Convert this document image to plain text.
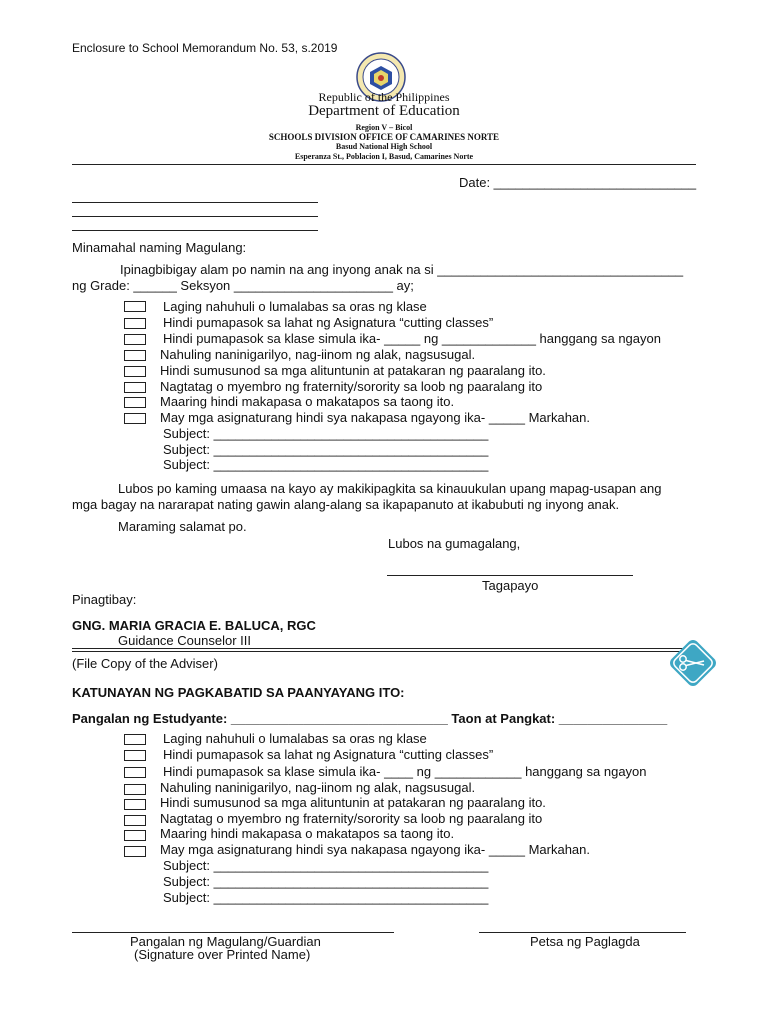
Enclosure to School Memorandum No. 53, s.2019
Republic of the Philippines
Department of Education
Region V – Bicol
SCHOOLS DIVISION OFFICE OF CAMARINES NORTE
Basud National High School
Esperanza St., Poblacion I, Basud, Camarines Norte
Date: ____________________________
Minamahal naming Magulang:
Ipinagbibigay alam po namin na ang inyong anak na si __________________________________
ng Grade: ______ Seksyon ______________________ ay;
Laging nahuhuli o lumalabas sa oras ng klase
Hindi pumapasok sa lahat ng Asignatura “cutting classes”
Hindi pumapasok sa klase simula ika- _____ ng _____________ hanggang sa ngayon
Nahuling naninigarilyo, nag-iinom ng alak, nagsusugal.
Hindi sumusunod sa mga alituntunin at patakaran ng paaralang ito.
Nagtatag o myembro ng fraternity/sorority sa loob ng paaralang ito
Maaring hindi makapasa o makatapos sa taong ito.
May mga asignaturang hindi sya nakapasa ngayong ika- _____ Markahan.
Subject: ______________________________________
Subject: ______________________________________
Subject: ______________________________________
Lubos po kaming umaasa na kayo ay makikipagkita sa kinauukulan upang mapag-usapan ang
mga bagay na nararapat nating gawin alang-alang sa ikapapanuto at ikabubuti ng inyong anak.
Maraming salamat po.
Lubos na gumagalang,
Tagapayo
Pinagtibay:
GNG. MARIA GRACIA E. BALUCA, RGC
Guidance Counselor III
(File Copy of the Adviser)
KATUNAYAN NG PAGKABATID SA PAANYAYANG ITO:
Pangalan ng Estudyante: ______________________________ Taon at Pangkat: _______________
Laging nahuhuli o lumalabas sa oras ng klase
Hindi pumapasok sa lahat ng Asignatura “cutting classes”
Hindi pumapasok sa klase simula ika- ____ ng ____________ hanggang sa ngayon
Nahuling naninigarilyo, nag-iinom ng alak, nagsusugal.
Hindi sumusunod sa mga alituntunin at patakaran ng paaralang ito.
Nagtatag o myembro ng fraternity/sorority sa loob ng paaralang ito
Maaring hindi makapasa o makatapos sa taong ito.
May mga asignaturang hindi sya nakapasa ngayong ika- _____ Markahan.
Subject: ______________________________________
Subject: ______________________________________
Subject: ______________________________________
Pangalan ng Magulang/Guardian
(Signature over Printed Name)
Petsa ng Paglagda
